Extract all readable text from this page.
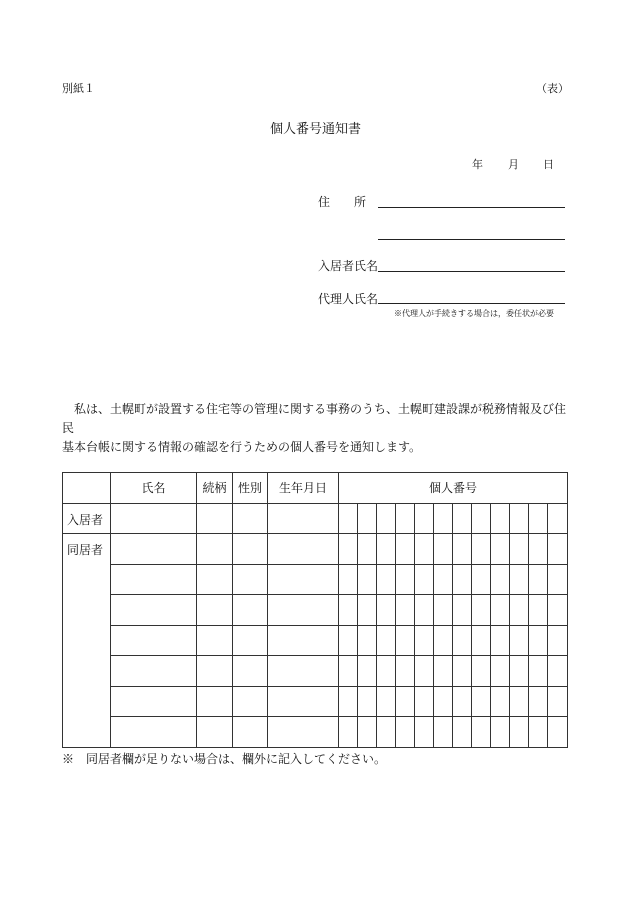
別紙１	（表）
個人番号通知書
年 月 日
住　　所
入居者氏名
代理人氏名
※代理人が手続きする場合は，委任状が必要
私は、土幌町が設置する住宅等の管理に関する事務のうち、土幌町建設課が税務情報及び住民
基本台帳に関する情報の確認を行うための個人番号を通知します。
	氏名	続柄	性別	生年月日	個人番号											
入居者																
同居者																

※　同居者欄が足りない場合は、欄外に記入してください。
